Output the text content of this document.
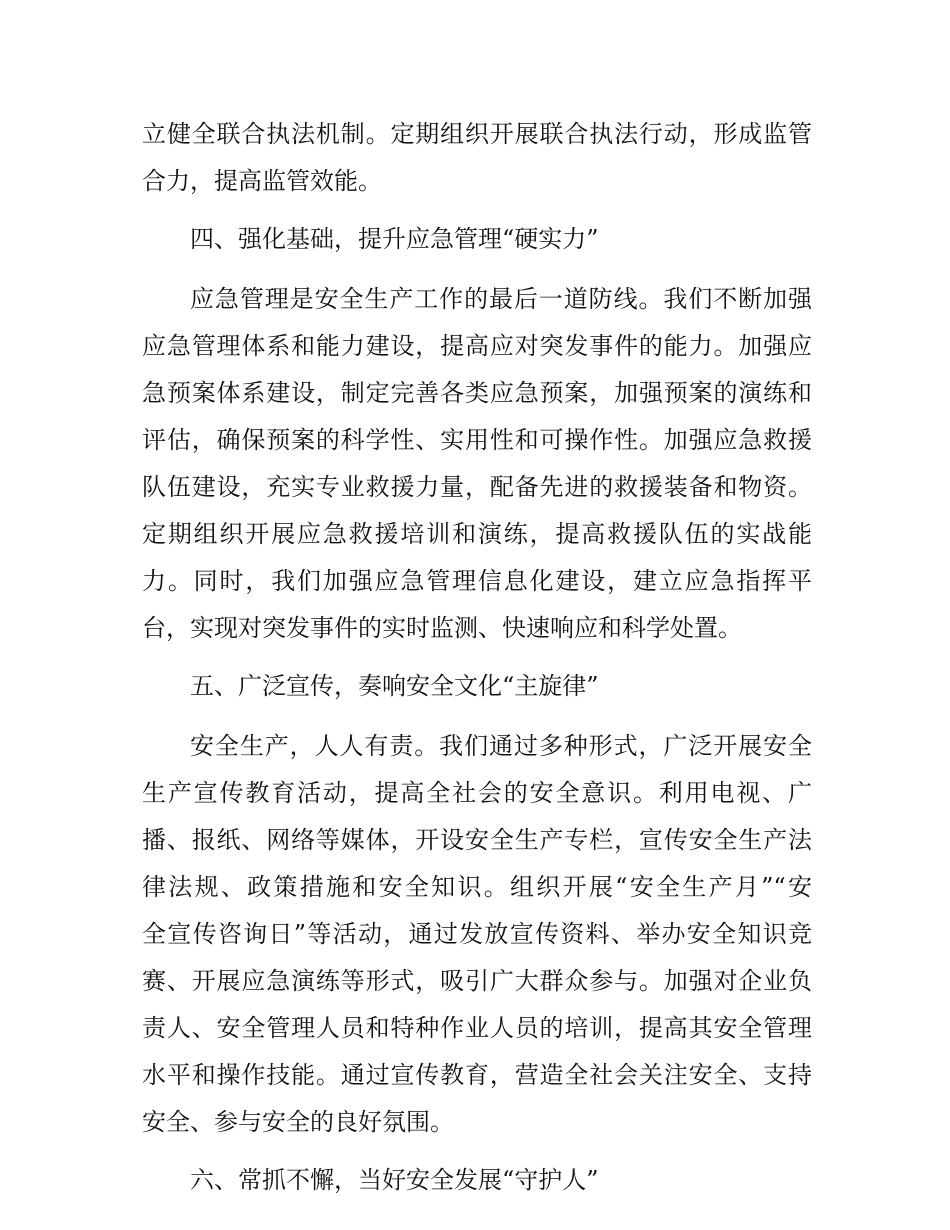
立健全联合执法机制。定期组织开展联合执法行动，形成监管
合力，提高监管效能。
四、强化基础，提升应急管理“硬实力”
应急管理是安全生产工作的最后一道防线。我们不断加强
应急管理体系和能力建设，提高应对突发事件的能力。加强应
急预案体系建设，制定完善各类应急预案，加强预案的演练和
评估，确保预案的科学性、实用性和可操作性。加强应急救援
队伍建设，充实专业救援力量，配备先进的救援装备和物资。
定期组织开展应急救援培训和演练，提高救援队伍的实战能
力。同时，我们加强应急管理信息化建设，建立应急指挥平
台，实现对突发事件的实时监测、快速响应和科学处置。
五、广泛宣传，奏响安全文化“主旋律”
安全生产，人人有责。我们通过多种形式，广泛开展安全
生产宣传教育活动，提高全社会的安全意识。利用电视、广
播、报纸、网络等媒体，开设安全生产专栏，宣传安全生产法
律法规、政策措施和安全知识。组织开展“安全生产月”“安
全宣传咨询日”等活动，通过发放宣传资料、举办安全知识竞
赛、开展应急演练等形式，吸引广大群众参与。加强对企业负
责人、安全管理人员和特种作业人员的培训，提高其安全管理
水平和操作技能。通过宣传教育，营造全社会关注安全、支持
安全、参与安全的良好氛围。
六、常抓不懈，当好安全发展“守护人”
